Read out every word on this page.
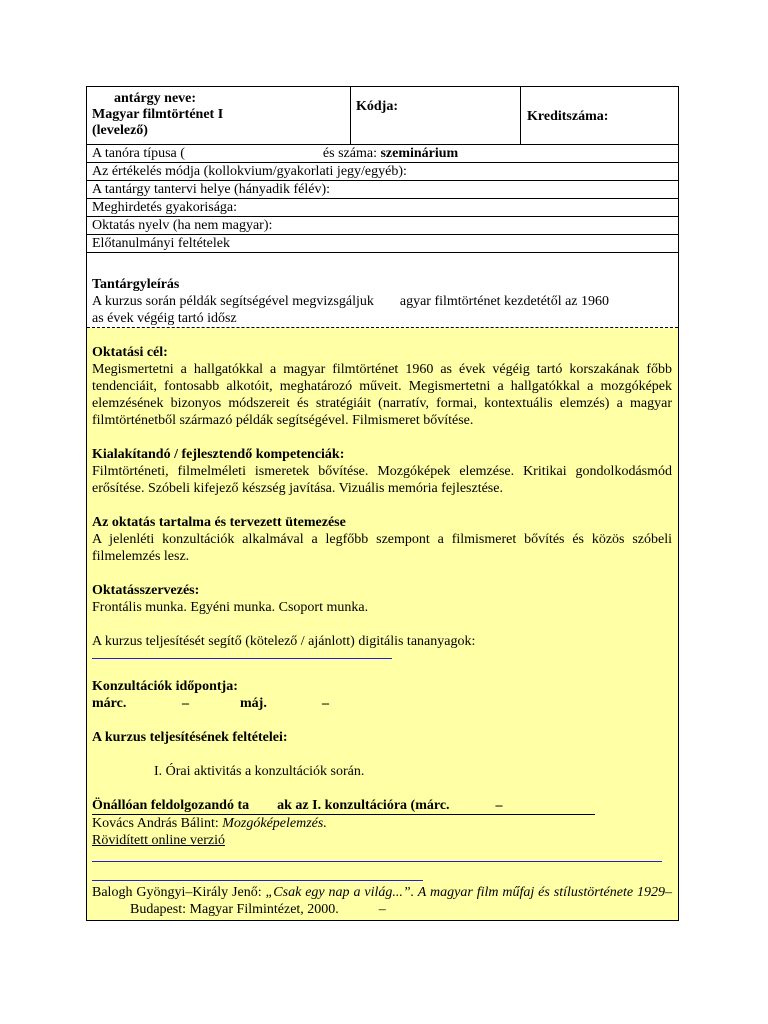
antárgy neve:
Magyar filmtörténet I
(levelező)
Kódja:
Kreditszáma:
A tanóra típusa (	és száma: szeminárium
Az értékelés módja (kollokvium/gyakorlati jegy/egyéb):
A tantárgy tantervi helye (hányadik félév):
Meghirdetés gyakorisága:
Oktatás nyelv (ha nem magyar):
Előtanulmányi feltételek
Tantárgyleírás
A kurzus során példák segítségével megvizsgáljuk agyar filmtörténet kezdetétől az 1960
as évek végéig tartó idősz
Oktatási cél:
Megismertetni a hallgatókkal a magyar filmtörténet 1960 as évek végéig tartó korszakának főbb tendenciáit, fontosabb alkotóit, meghatározó műveit. Megismertetni a hallgatókkal a mozgóképek elemzésének bizonyos módszereit és stratégiáit (narratív, formai, kontextuális elemzés) a magyar filmtörténetből származó példák segítségével. Filmismeret bővítése.
Kialakítandó / fejlesztendő kompetenciák:
Filmtörténeti, filmelméleti ismeretek bővítése. Mozgóképek elemzése. Kritikai gondolkodásmód erősítése. Szóbeli kifejező készség javítása. Vizuális memória fejlesztése.
Az oktatás tartalma és tervezett ütemezése
A jelenléti konzultációk alkalmával a legfőbb szempont a filmismeret bővítés és közös szóbeli filmelemzés lesz.
Oktatásszervezés:
Frontális munka. Egyéni munka. Csoport munka.
A kurzus teljesítését segítő (kötelező / ajánlott) digitális tananyagok:
Konzultációk időpontja:
márc.	–	máj.	–
A kurzus teljesítésének feltételei:
I. Órai aktivitás a konzultációk során.
Önállóan feldolgozandó ta ak az I. konzultációra (márc.	–
Kovács András Bálint: Mozgóképelemzés.
Rövidített online verzió
Balogh Gyöngyi–Király Jenő: „Csak egy nap a világ...”. A magyar film műfaj és stílustörténete 1929– Budapest: Magyar Filmintézet, 2000.	–
